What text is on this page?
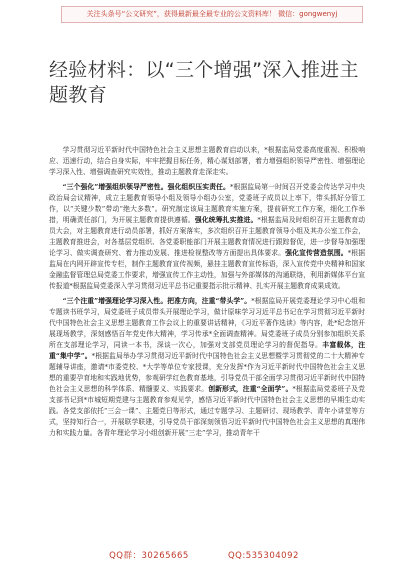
关注头条号“公文研究”，获得最新最全最专业的公文资料库！ 微信：gongwenyj
经验材料：以“三个增强”深入推进主题教育

学习贯彻习近平新时代中国特色社会主义思想主题教育启动以来，*根据监局党委高度重视、积极响应、迅速行动，结合自身实际，牢牢把握目标任务，精心谋划部署，着力增强组织领导严密性、增强理论学习深入性、增强调查研究实效性，推动主题教育走深走实。

“三个强化”增强组织领导严密性。强化组织压实责任。*根据监局第一时间召开党委会传达学习中央政治局会议精神，成立主题教育领导小组及领导小组办公室，党委班子成员以上率下，带头抓好分管工作，以“关键少数”带动“绝大多数”。研究制定该局主题教育实施方案，提前研究工作方案，细化工作举措，明确责任部门，为开展主题教育提供遵循。强化统筹扎实推进。*根据监局及时组织召开主题教育动员大会，对主题教育进行动员部署，抓好方案落实，多次组织召开主题教育领导小组及其办公室工作会，主题教育推进会，对各基层党组织、各党委职能部门开展主题教育情况进行跟踪督促，进一步督导加强理论学习、做实调查研究、着力推动发展、推进检视整改等方面提出具体要求。强化宣传营造氛围。*根据监局在内网开辟宣传专栏，制作主题教育宣传视频，悬挂主题教育宣传标语，深入宣传党中央精神和国家金融监督管理总局党委工作要求，增强宣传工作主动性，加强与外部媒体的沟通联络，利用新媒体平台宣传报道*根据监局党委深入学习贯彻习近平总书记重要指示批示精神、扎实开展主题教育成果成效。

“三个注重”增强理论学习深入性。把准方向，注重“带头学”。*根据监局开展党委理论学习中心组和专题读书班学习，局党委班子成员带头开展理论学习，做计原味学习习近平总书记在学习贯彻习近平新时代中国特色社会主义思想主题教育工作会议上的重要讲话精神，《习近平著作选读》等内容，赴*纪念馆开展现场教学，深刻感悟百年党史伟大精神，学习传承*全面调查精神。局党委班子成员分别参加组织关系所在支部理论学习，同读一本书，深谈一次心，加强对支部党员理论学习的督促指导。丰富载体，注重“集中学”。*根据监局举办学习贯彻习近平新时代中国特色社会主义思想暨学习贯彻党的二十大精神专题辅导讲座，邀请*市委党校、*大学等单位专家授课，充分发挥*作为习近平新时代中国特色社会主义思想的重要孕育地和实践地优势，参观研学红色教育基地，引导党员干部全面学习贯彻习近平新时代中国特色社会主义思想的科学体系、精髓要义、实践要求。创新形式，注重“全面学”。*根据监局党委班子及党支部书记到*市城短期党建与主题教育参观见学，感悟习近平新时代中国特色社会主义思想的早期生动实践。各党支部依托“三会一课”、主题党日等形式，通过专题学习、主题研讨、现场教学、青年小讲堂等方式，坚持知行合一，开展联学联建，引导党员干部深刻领悟习近平新时代中国特色社会主义思想的真理伟力和实践力量。各青年理论学习小组创新开展“三走”学习，推动青年干

QQ群：30265665	QQ:535304092
